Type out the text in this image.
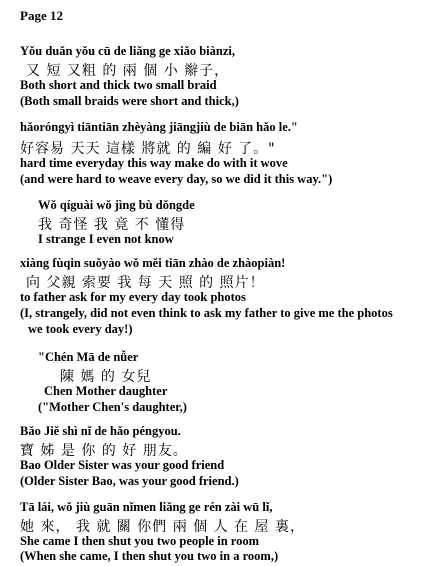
Page 12
Yǒu duǎn yǒu cū de liǎng ge xiǎo biànzi,
又 短 又粗 的 兩 個 小 辮子，
Both short and thick two small braid
(Both small braids were short and thick,)
hǎoróngyì tiāntiān zhèyàng jiāngjiù de biān hǎo le."
好容易 天天 這樣 將就 的 編 好 了。"
hard time everyday this way make do with it wove
(and were hard to weave every day, so we did it this way.")
Wǒ qíguài wǒ jìng bù dǒngde
我 奇怪 我 竟 不 懂得
I strange I even not know
xiàng fùqin suǒyào wǒ měi tiān zhào de zhàopiàn!
向 父親 索要 我 每 天 照 的 照片！
to father ask for my every day took photos
(I, strangely, did not even think to ask my father to give me the photos
we took every day!)
"Chén Mā de nǚer
陳 媽 的 女兒
Chen Mother daughter
("Mother Chen's daughter,)
Bǎo Jiě shì nǐ de hǎo péngyou.
寶 姊 是 你 的 好 朋友。
Bao Older Sister was your good friend
(Older Sister Bao, was your good friend.)
Tā lái, wǒ jiù guān nǐmen liǎng ge rén zài wū lǐ,
她 來， 我 就 關 你們 兩 個 人 在 屋 裏，
She came I then shut you two people in room
(When she came, I then shut you two in a room,)
